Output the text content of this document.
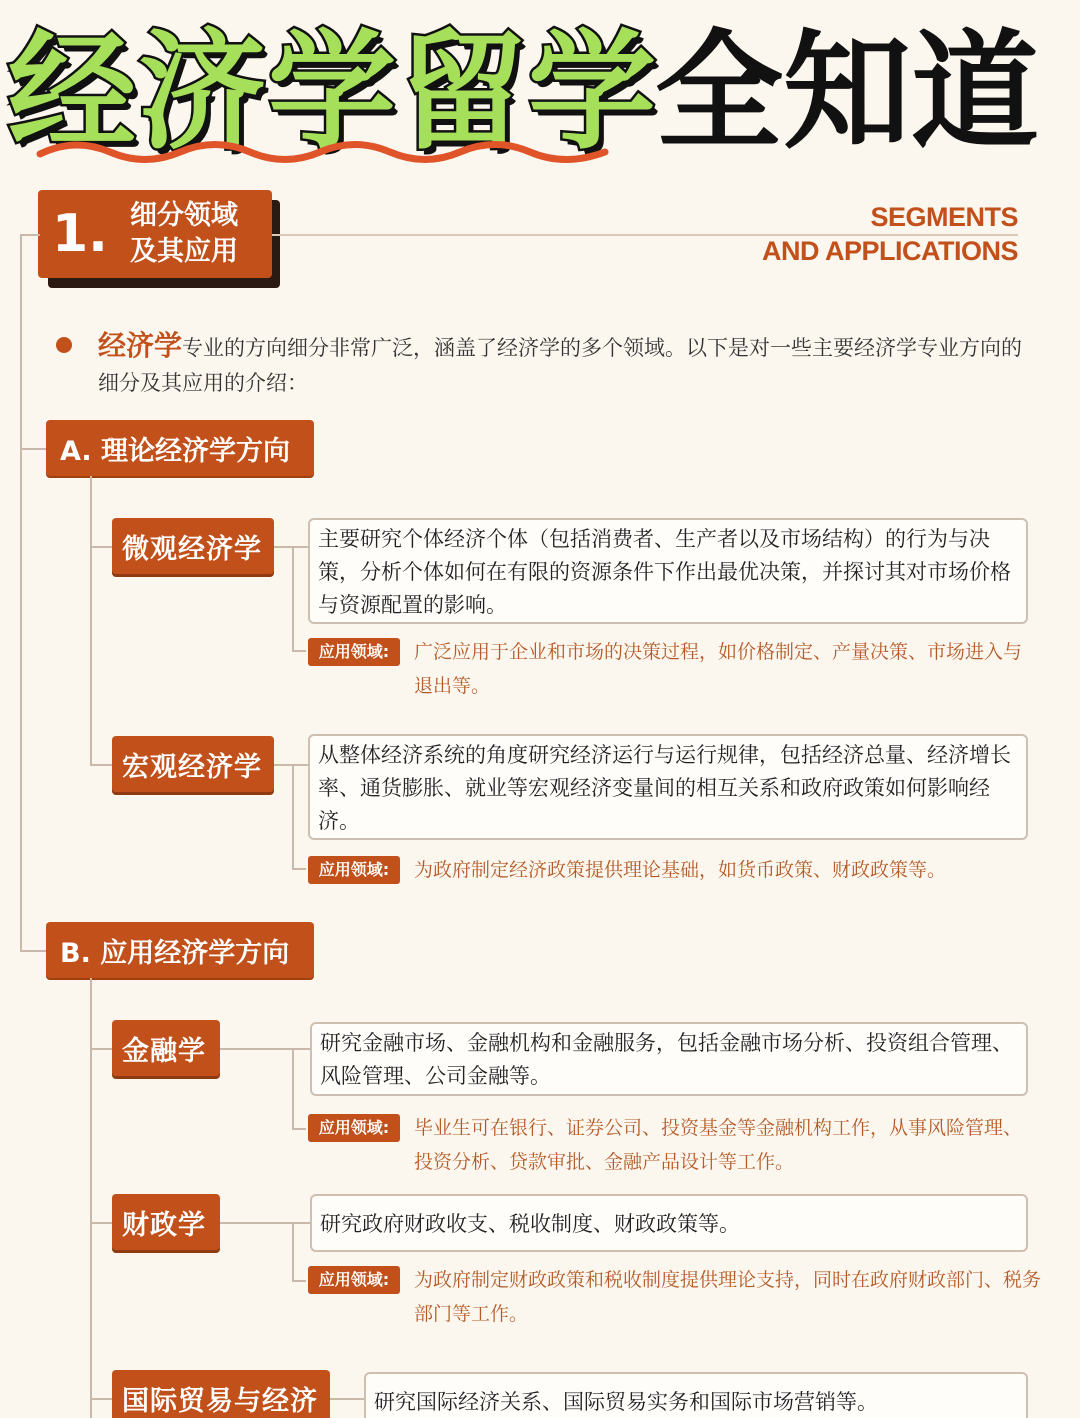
经济学留学
全知道
1. 细分领域
及其应用
SEGMENTS
AND APPLICATIONS
经济学专业的方向细分非常广泛，涵盖了经济学的多个领域。以下是对一些主要经济学专业方向的细分及其应用的介绍：
A. 理论经济学方向
微观经济学	主要研究个体经济个体（包括消费者、生产者以及市场结构）的行为与决策，分析个体如何在有限的资源条件下作出最优决策，并探讨其对市场价格与资源配置的影响。
应用领域:	广泛应用于企业和市场的决策过程，如价格制定、产量决策、市场进入与退出等。
宏观经济学	从整体经济系统的角度研究经济运行与运行规律，包括经济总量、经济增长率、通货膨胀、就业等宏观经济变量间的相互关系和政府政策如何影响经济。
应用领域:	为政府制定经济政策提供理论基础，如货币政策、财政政策等。
B. 应用经济学方向
金融学	研究金融市场、金融机构和金融服务，包括金融市场分析、投资组合管理、风险管理、公司金融等。
应用领域:	毕业生可在银行、证券公司、投资基金等金融机构工作，从事风险管理、投资分析、贷款审批、金融产品设计等工作。
财政学	研究政府财政收支、税收制度、财政政策等。
应用领域:	为政府制定财政政策和税收制度提供理论支持，同时在政府财政部门、税务部门等工作。
国际贸易与经济	研究国际经济关系、国际贸易实务和国际市场营销等。
